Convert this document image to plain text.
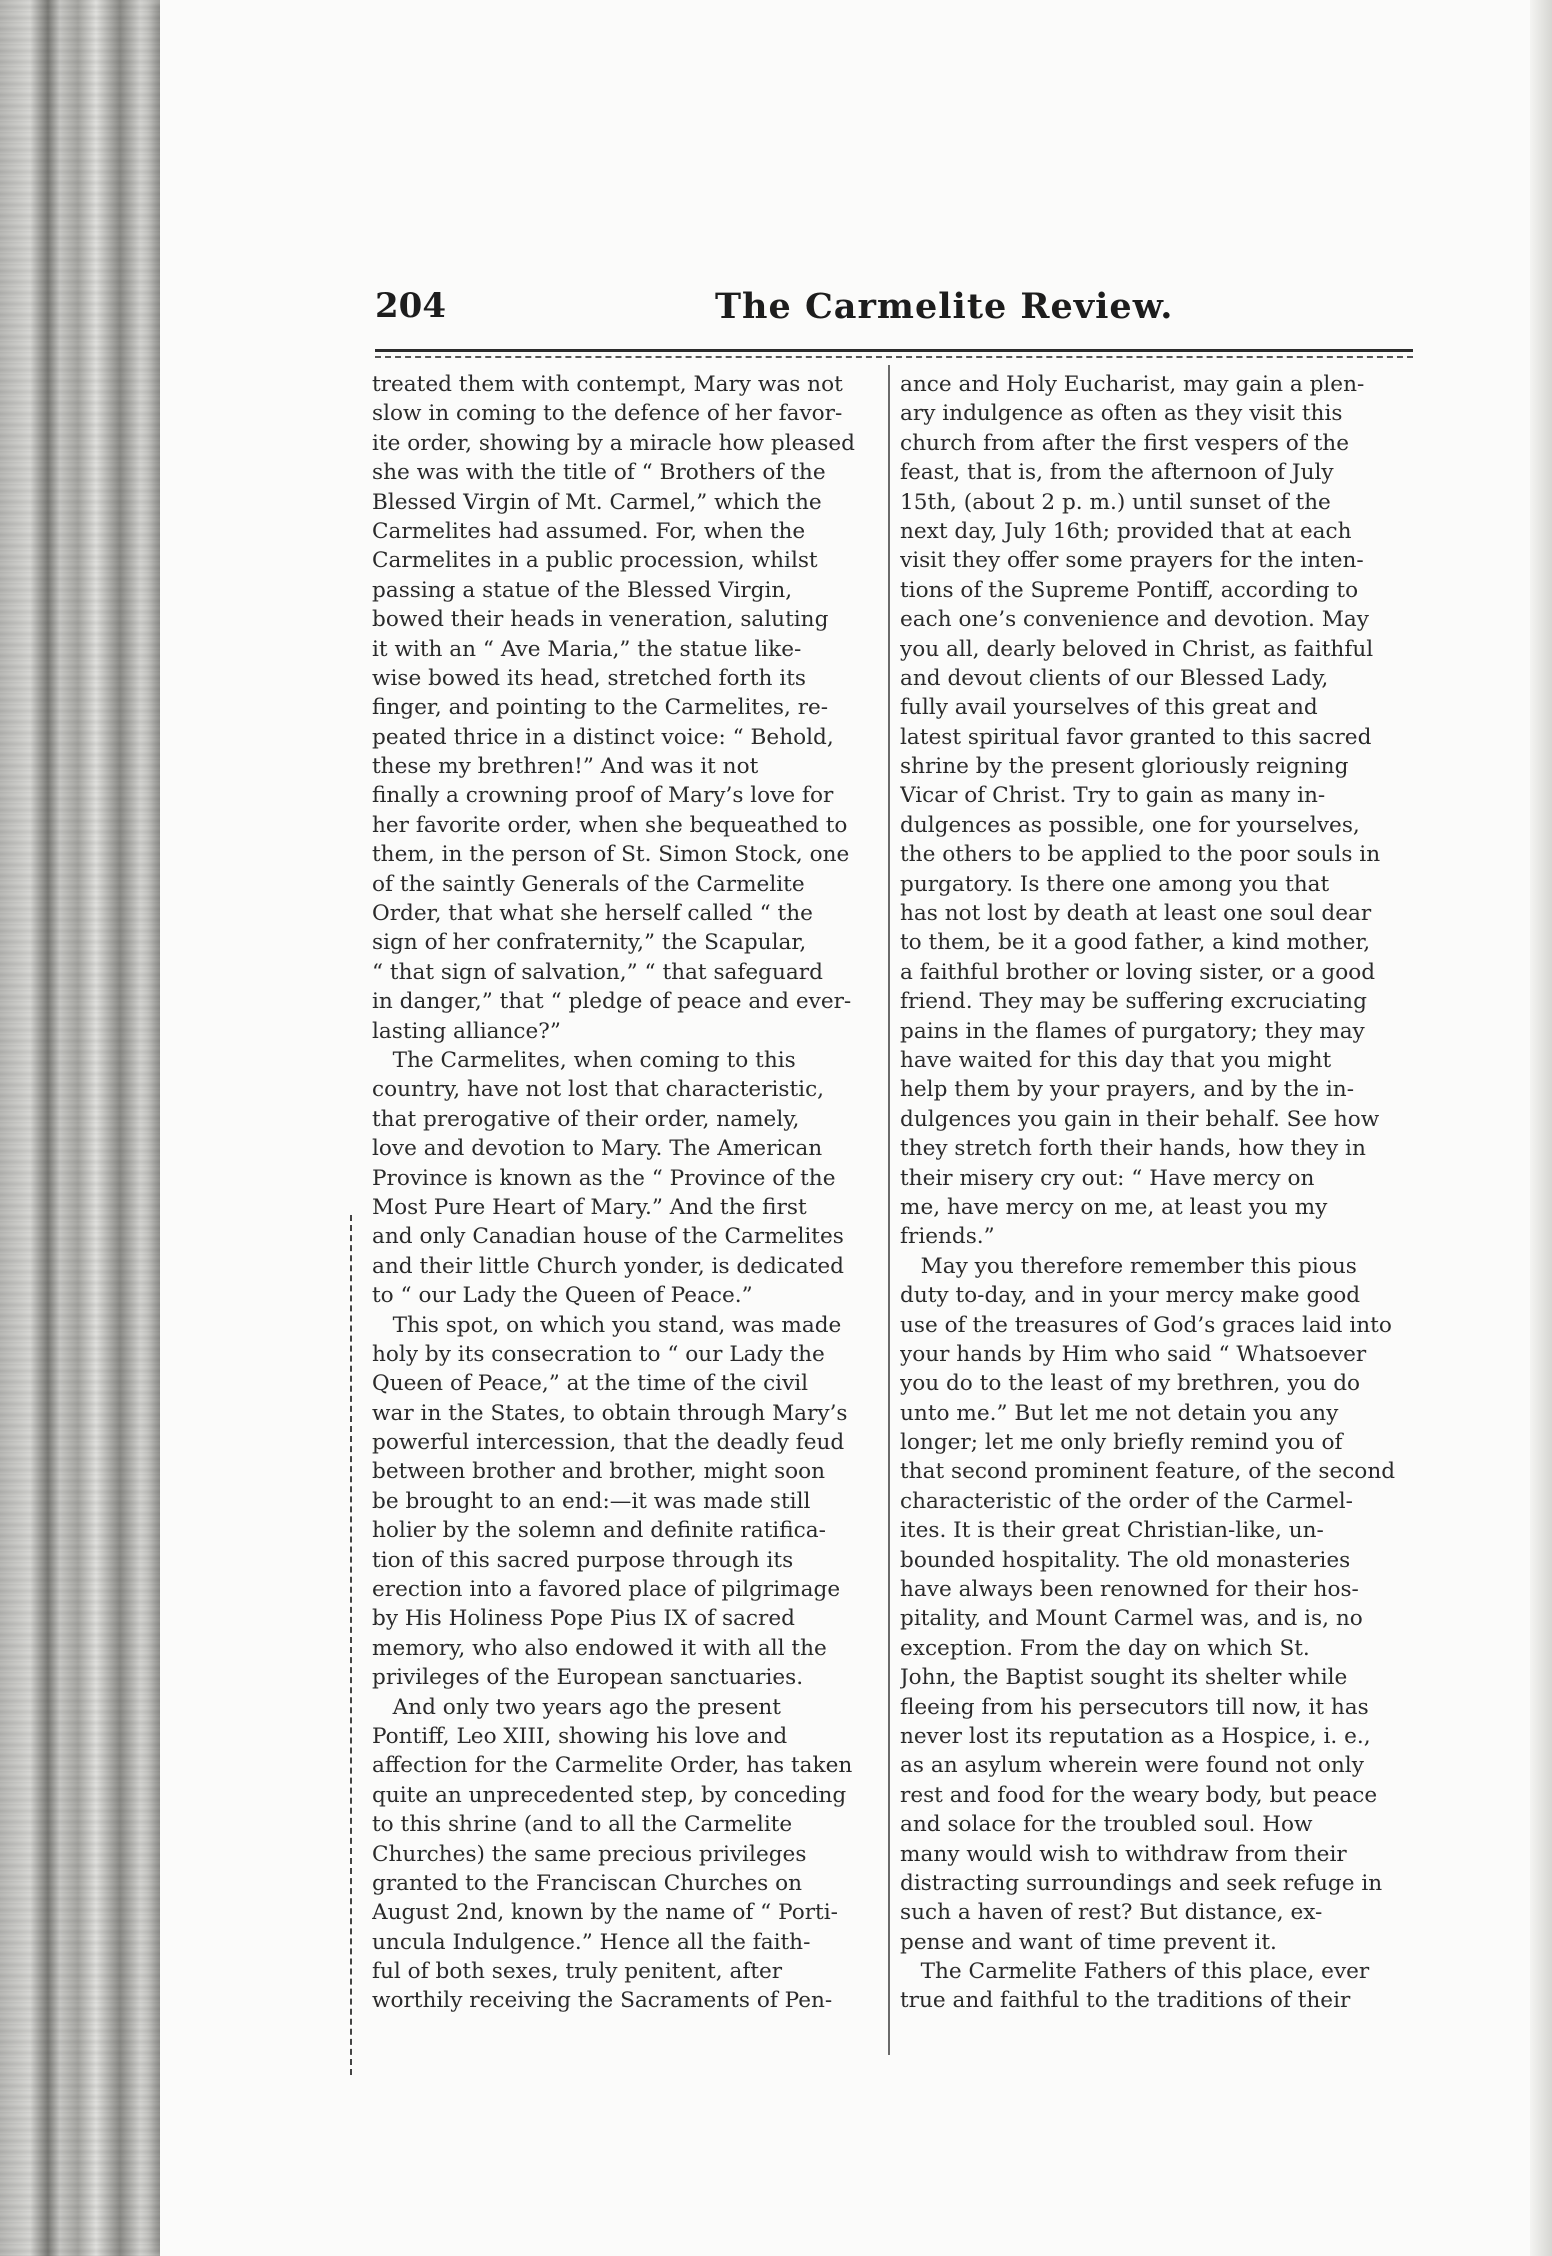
204	The Carmelite Review.
treated them with contempt, Mary was not
slow in coming to the defence of her favor-
ite order, showing by a miracle how pleased
she was with the title of “ Brothers of the
Blessed Virgin of Mt. Carmel,” which the
Carmelites had assumed. For, when the
Carmelites in a public procession, whilst
passing a statue of the Blessed Virgin,
bowed their heads in veneration, saluting
it with an “ Ave Maria,” the statue like-
wise bowed its head, stretched forth its
finger, and pointing to the Carmelites, re-
peated thrice in a distinct voice: “ Behold,
these my brethren!” And was it not
finally a crowning proof of Mary’s love for
her favorite order, when she bequeathed to
them, in the person of St. Simon Stock, one
of the saintly Generals of the Carmelite
Order, that what she herself called “ the
sign of her confraternity,” the Scapular,
“ that sign of salvation,” “ that safeguard
in danger,” that “ pledge of peace and ever-
lasting alliance?”
The Carmelites, when coming to this
country, have not lost that characteristic,
that prerogative of their order, namely,
love and devotion to Mary. The American
Province is known as the “ Province of the
Most Pure Heart of Mary.” And the first
and only Canadian house of the Carmelites
and their little Church yonder, is dedicated
to “ our Lady the Queen of Peace.”
This spot, on which you stand, was made
holy by its consecration to “ our Lady the
Queen of Peace,” at the time of the civil
war in the States, to obtain through Mary’s
powerful intercession, that the deadly feud
between brother and brother, might soon
be brought to an end:—it was made still
holier by the solemn and definite ratifica-
tion of this sacred purpose through its
erection into a favored place of pilgrimage
by His Holiness Pope Pius IX of sacred
memory, who also endowed it with all the
privileges of the European sanctuaries.
And only two years ago the present
Pontiff, Leo XIII, showing his love and
affection for the Carmelite Order, has taken
quite an unprecedented step, by conceding
to this shrine (and to all the Carmelite
Churches) the same precious privileges
granted to the Franciscan Churches on
August 2nd, known by the name of “ Porti-
uncula Indulgence.” Hence all the faith-
ful of both sexes, truly penitent, after
worthily receiving the Sacraments of Pen-
ance and Holy Eucharist, may gain a plen-
ary indulgence as often as they visit this
church from after the first vespers of the
feast, that is, from the afternoon of July
15th, (about 2 p. m.) until sunset of the
next day, July 16th; provided that at each
visit they offer some prayers for the inten-
tions of the Supreme Pontiff, according to
each one’s convenience and devotion. May
you all, dearly beloved in Christ, as faithful
and devout clients of our Blessed Lady,
fully avail yourselves of this great and
latest spiritual favor granted to this sacred
shrine by the present gloriously reigning
Vicar of Christ. Try to gain as many in-
dulgences as possible, one for yourselves,
the others to be applied to the poor souls in
purgatory. Is there one among you that
has not lost by death at least one soul dear
to them, be it a good father, a kind mother,
a faithful brother or loving sister, or a good
friend. They may be suffering excruciating
pains in the flames of purgatory; they may
have waited for this day that you might
help them by your prayers, and by the in-
dulgences you gain in their behalf. See how
they stretch forth their hands, how they in
their misery cry out: “ Have mercy on
me, have mercy on me, at least you my
friends.”
May you therefore remember this pious
duty to-day, and in your mercy make good
use of the treasures of God’s graces laid into
your hands by Him who said “ Whatsoever
you do to the least of my brethren, you do
unto me.” But let me not detain you any
longer; let me only briefly remind you of
that second prominent feature, of the second
characteristic of the order of the Carmel-
ites. It is their great Christian-like, un-
bounded hospitality. The old monasteries
have always been renowned for their hos-
pitality, and Mount Carmel was, and is, no
exception. From the day on which St.
John, the Baptist sought its shelter while
fleeing from his persecutors till now, it has
never lost its reputation as a Hospice, i. e.,
as an asylum wherein were found not only
rest and food for the weary body, but peace
and solace for the troubled soul. How
many would wish to withdraw from their
distracting surroundings and seek refuge in
such a haven of rest? But distance, ex-
pense and want of time prevent it.
The Carmelite Fathers of this place, ever
true and faithful to the traditions of their
